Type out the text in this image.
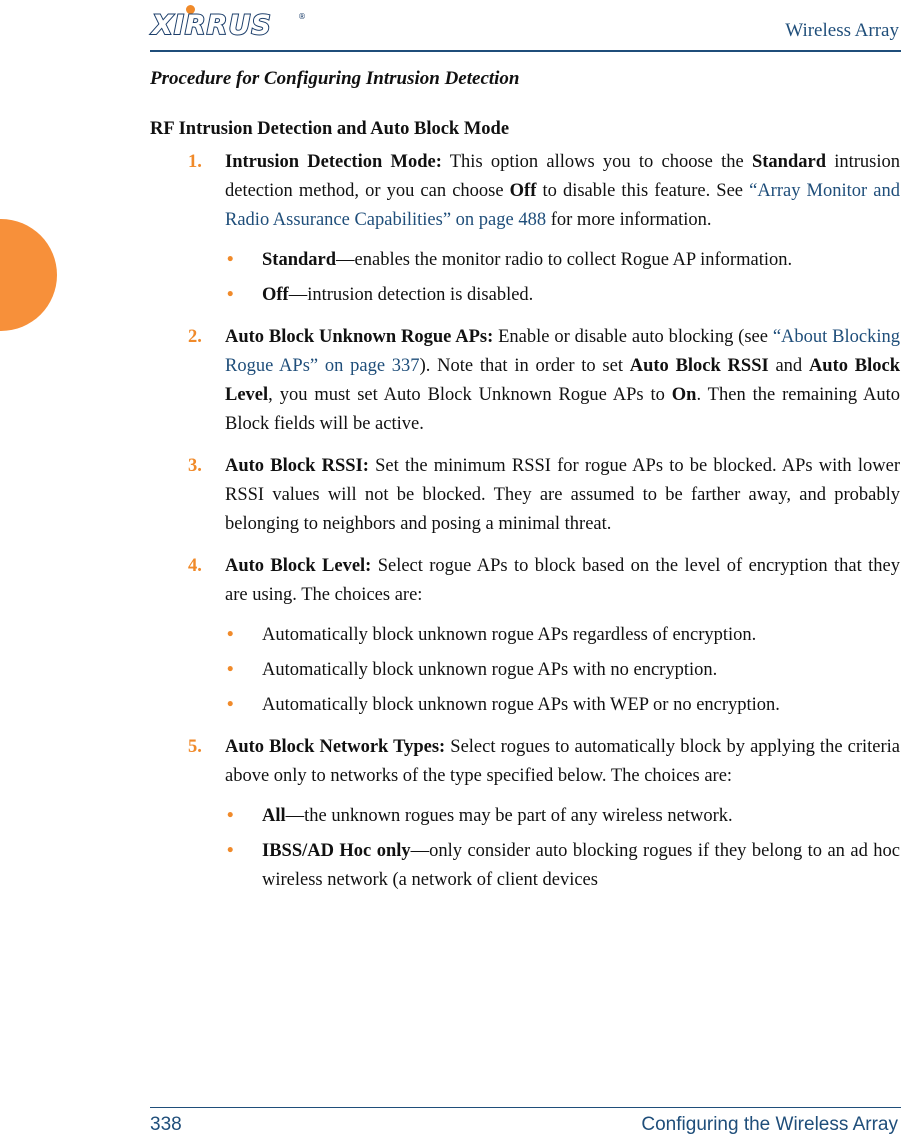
XIRRUS	®
Wireless Array
Procedure for Configuring Intrusion Detection
RF Intrusion Detection and Auto Block Mode
1. Intrusion Detection Mode: This option allows you to choose the Standard intrusion detection method, or you can choose Off to disable this feature. See “Array Monitor and Radio Assurance Capabilities” on page 488 for more information.
• Standard—enables the monitor radio to collect Rogue AP information.
• Off—intrusion detection is disabled.
2. Auto Block Unknown Rogue APs: Enable or disable auto blocking (see “About Blocking Rogue APs” on page 337). Note that in order to set Auto Block RSSI and Auto Block Level, you must set Auto Block Unknown Rogue APs to On. Then the remaining Auto Block fields will be active.
3. Auto Block RSSI: Set the minimum RSSI for rogue APs to be blocked. APs with lower RSSI values will not be blocked. They are assumed to be farther away, and probably belonging to neighbors and posing a minimal threat.
4. Auto Block Level: Select rogue APs to block based on the level of encryption that they are using. The choices are:
• Automatically block unknown rogue APs regardless of encryption.
• Automatically block unknown rogue APs with no encryption.
• Automatically block unknown rogue APs with WEP or no encryption.
5. Auto Block Network Types: Select rogues to automatically block by applying the criteria above only to networks of the type specified below. The choices are:
• All—the unknown rogues may be part of any wireless network.
• IBSS/AD Hoc only—only consider auto blocking rogues if they belong to an ad hoc wireless network (a network of client devices
338	Configuring the Wireless Array
